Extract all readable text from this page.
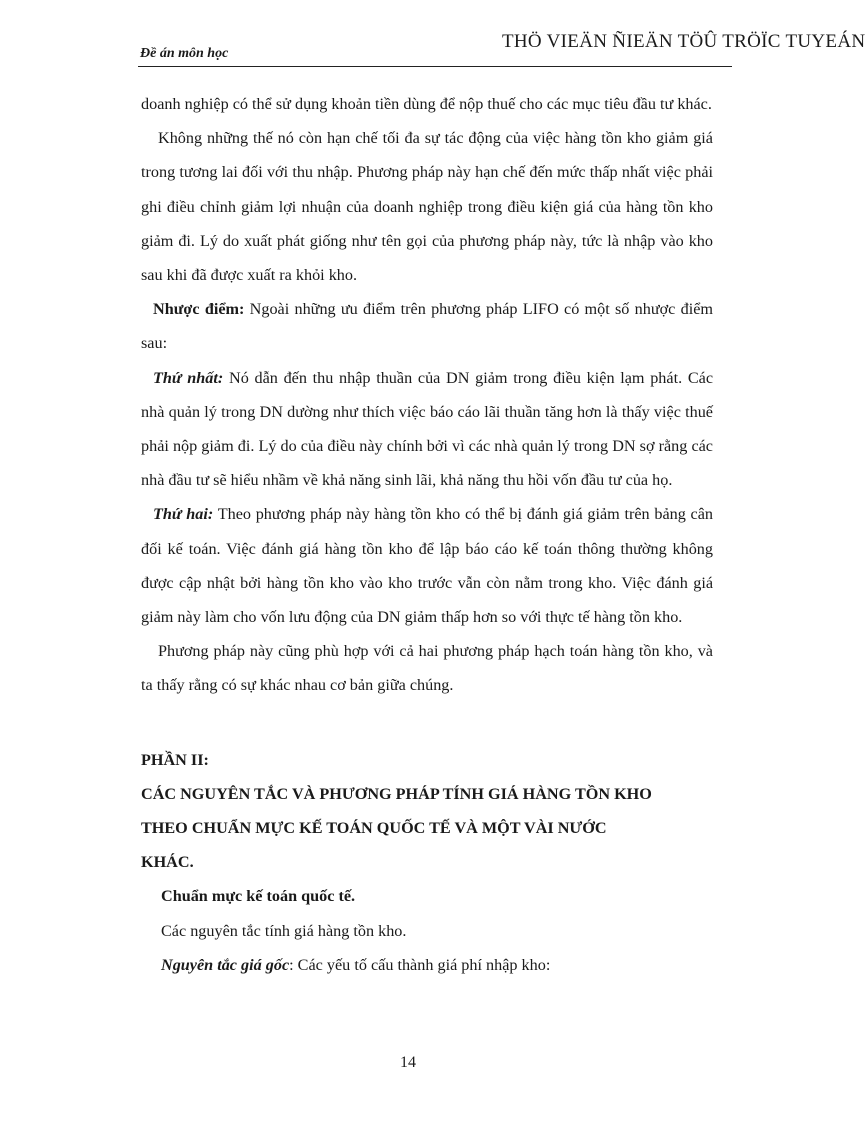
Đề án môn học
THÖ VIEÄN ÑIEÄN TÖÛ TRÖÏC TUYEÁN

doanh nghiệp có thể sử dụng khoản tiền dùng để nộp thuế cho các mục tiêu đầu tư khác.

Không những thế nó còn hạn chế tối đa sự tác động của việc hàng tồn kho giảm giá trong tương lai đối với thu nhập. Phương pháp này hạn chế đến mức thấp nhất việc phải ghi điều chỉnh giảm lợi nhuận của doanh nghiệp trong điều kiện giá của hàng tồn kho giảm đi. Lý do xuất phát giống như tên gọi của phương pháp này, tức là nhập vào kho sau khi đã được xuất ra khỏi kho.

Nhược điểm: Ngoài những ưu điểm trên phương pháp LIFO có một số nhược điểm sau:

Thứ nhất: Nó dẫn đến thu nhập thuần của DN giảm trong điều kiện lạm phát. Các nhà quản lý trong DN dường như thích việc báo cáo lãi thuần tăng hơn là thấy việc thuế phải nộp giảm đi. Lý do của điều này chính bởi vì các nhà quản lý trong DN sợ rằng các nhà đầu tư sẽ hiểu nhầm về khả năng sinh lãi, khả năng thu hồi vốn đầu tư của họ.

Thứ hai: Theo phương pháp này hàng tồn kho có thể bị đánh giá giảm trên bảng cân đối kế toán. Việc đánh giá hàng tồn kho để lập báo cáo kế toán thông thường không được cập nhật bởi hàng tồn kho vào kho trước vẫn còn nằm trong kho. Việc đánh giá giảm này làm cho vốn lưu động của DN giảm thấp hơn so với thực tế hàng tồn kho.

Phương pháp này cũng phù hợp với cả hai phương pháp hạch toán hàng tồn kho, và ta thấy rằng có sự khác nhau cơ bản giữa chúng.

PHẦN II:

CÁC NGUYÊN TẮC VÀ PHƯƠNG PHÁP TÍNH GIÁ HÀNG TỒN KHO

THEO CHUẨN MỰC KẾ TOÁN QUỐC TẾ VÀ MỘT VÀI NƯỚC

KHÁC.

Chuẩn mực kế toán quốc tế.

Các nguyên tắc tính giá hàng tồn kho.

Nguyên tắc giá gốc: Các yếu tố cấu thành giá phí nhập kho:

14
